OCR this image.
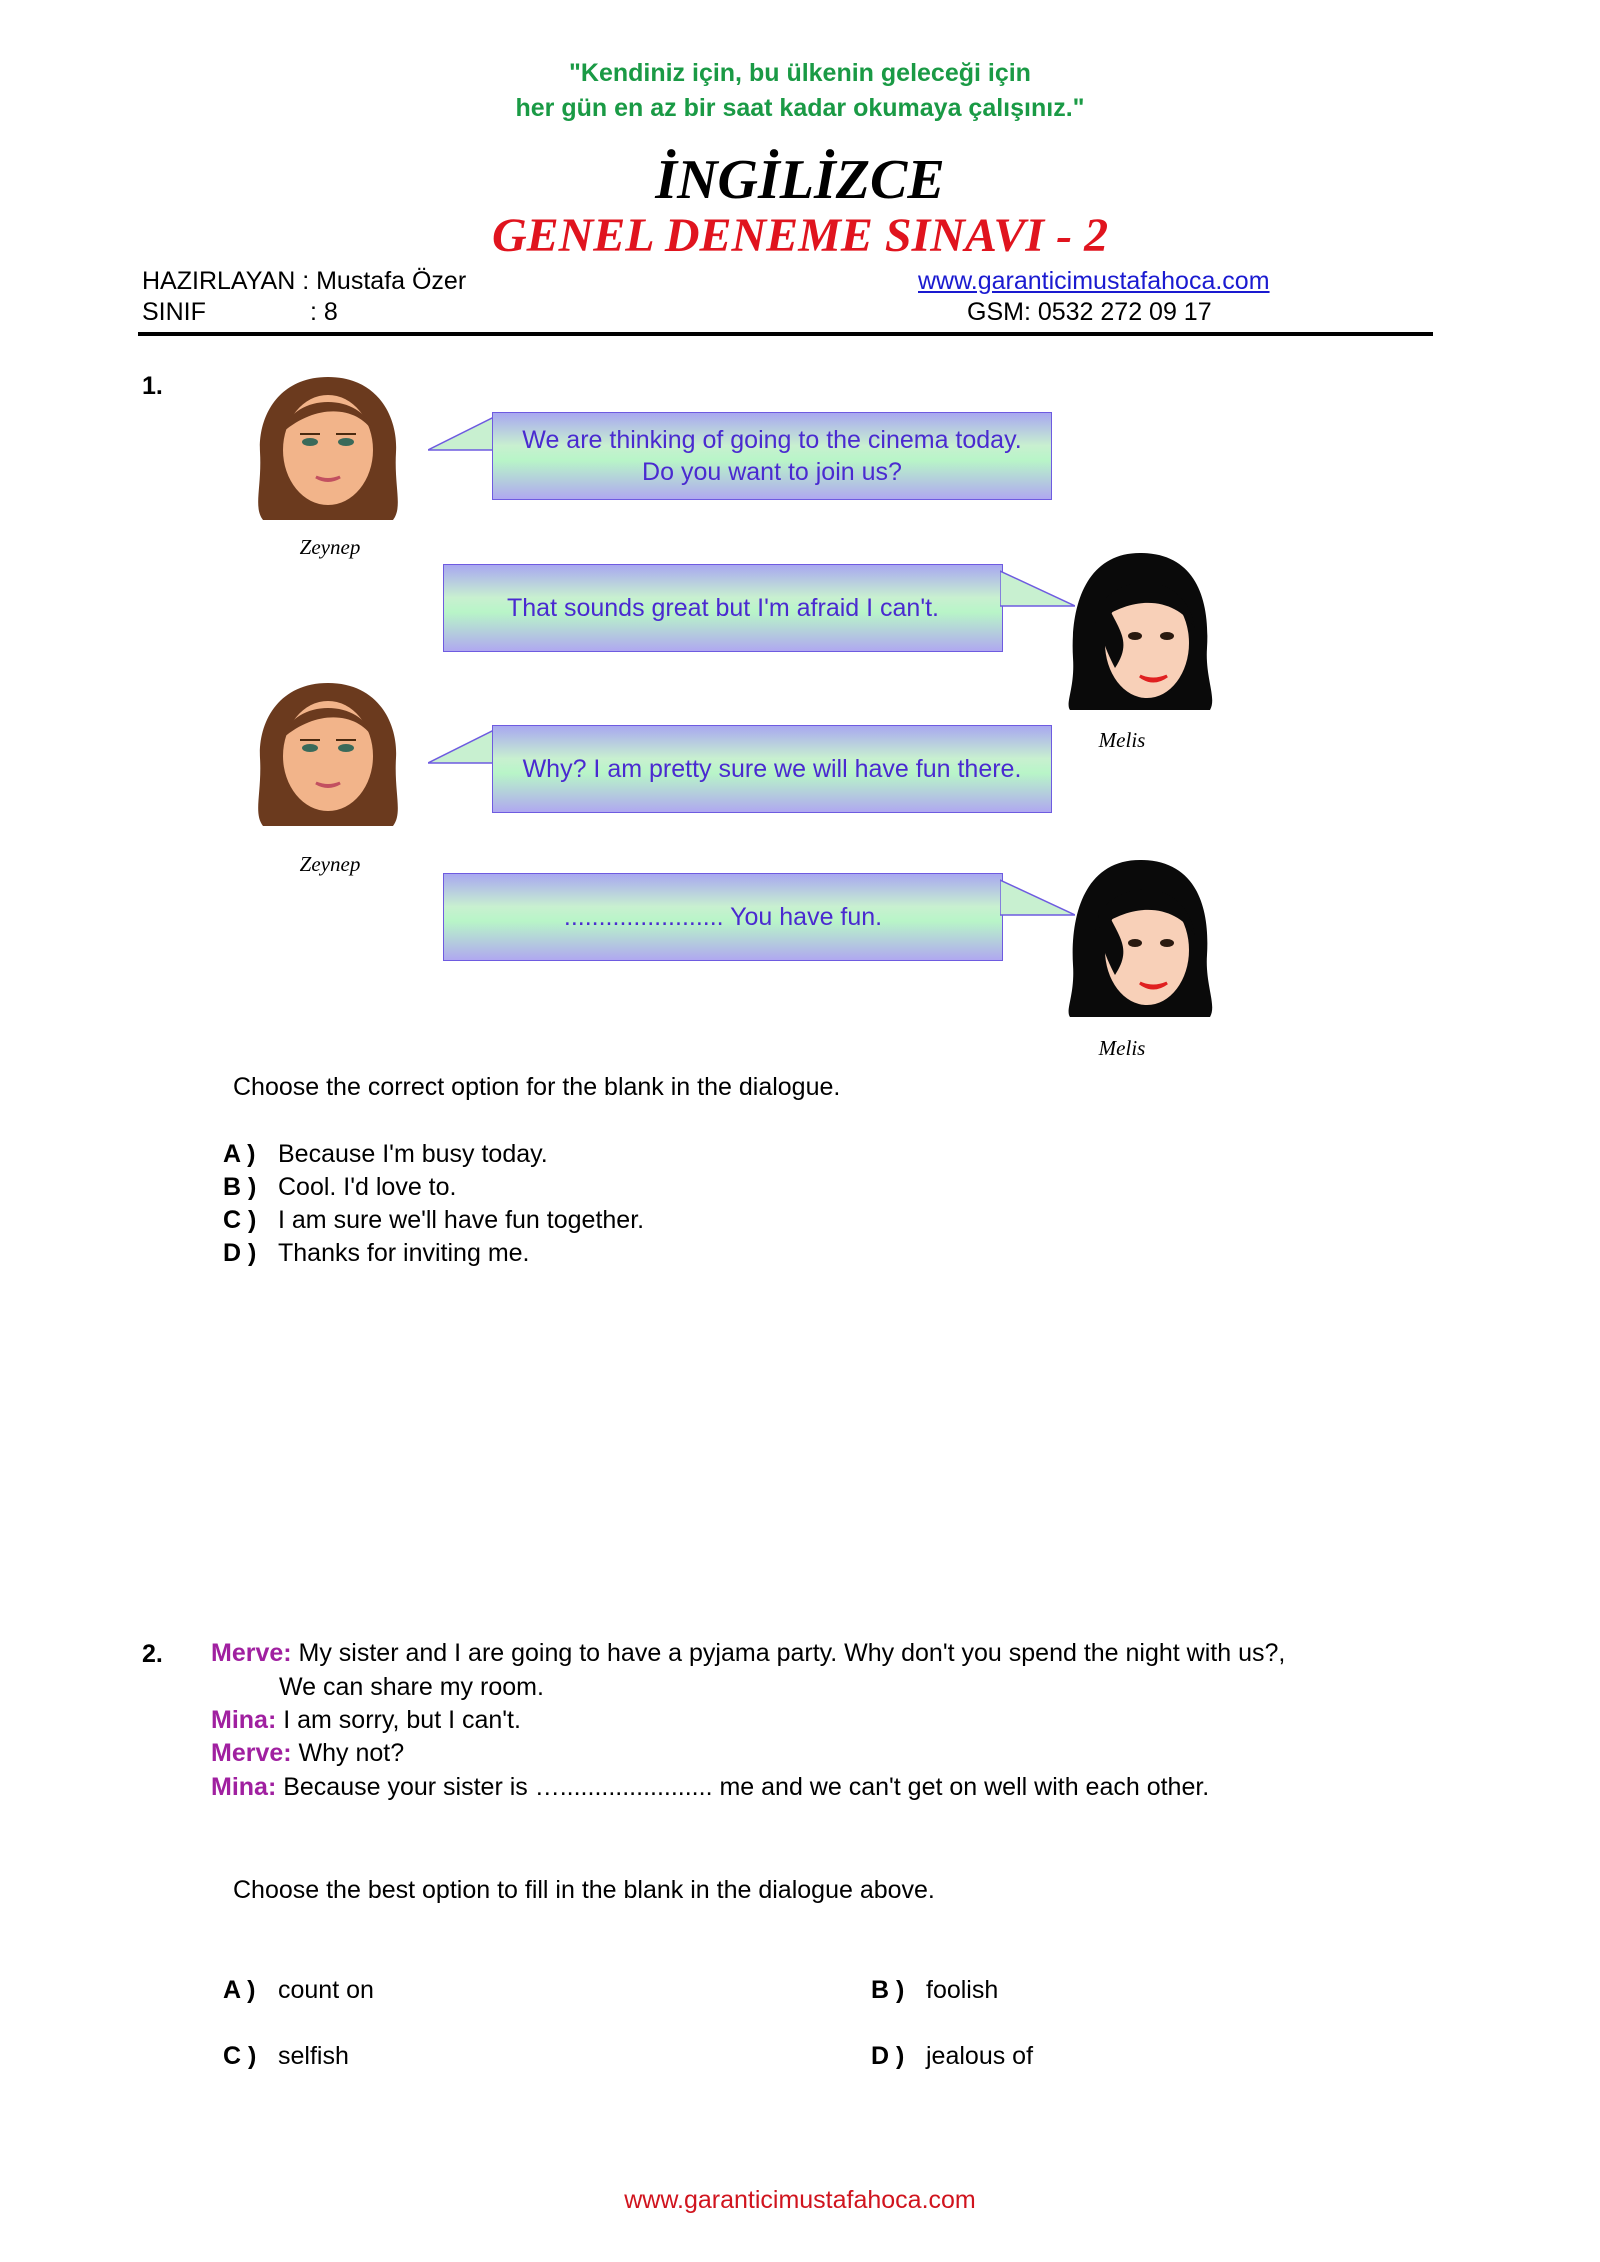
"Kendiniz için, bu ülkenin geleceği için
her gün en az bir saat kadar okumaya çalışınız."
İNGİLİZCE
GENEL DENEME SINAVI - 2
HAZIRLAYAN : Mustafa Özer	www.garanticimustafahoca.com
SINIF	: 8	GSM: 0532 272 09 17
1.
Zeynep
We are thinking of going to the cinema today. Do you want to join us?
That sounds great but I'm afraid I can't.
Melis
Zeynep
Why? I am pretty sure we will have fun there.
....................... You have fun.
Melis
Choose the correct option for the blank in the dialogue.
A ) Because I'm busy today.
B ) Cool. I'd love to.
C ) I am sure we'll have fun together.
D ) Thanks for inviting me.
2. Merve: My sister and I are going to have a pyjama party. Why don't you spend the night with us?,
We can share my room.
Mina: I am sorry, but I can't.
Merve: Why not?
Mina: Because your sister is …...................... me and we can't get on well with each other.
Choose the best option to fill in the blank in the dialogue above.
A ) count on	B ) foolish
C ) selfish	D ) jealous of
www.garanticimustafahoca.com
